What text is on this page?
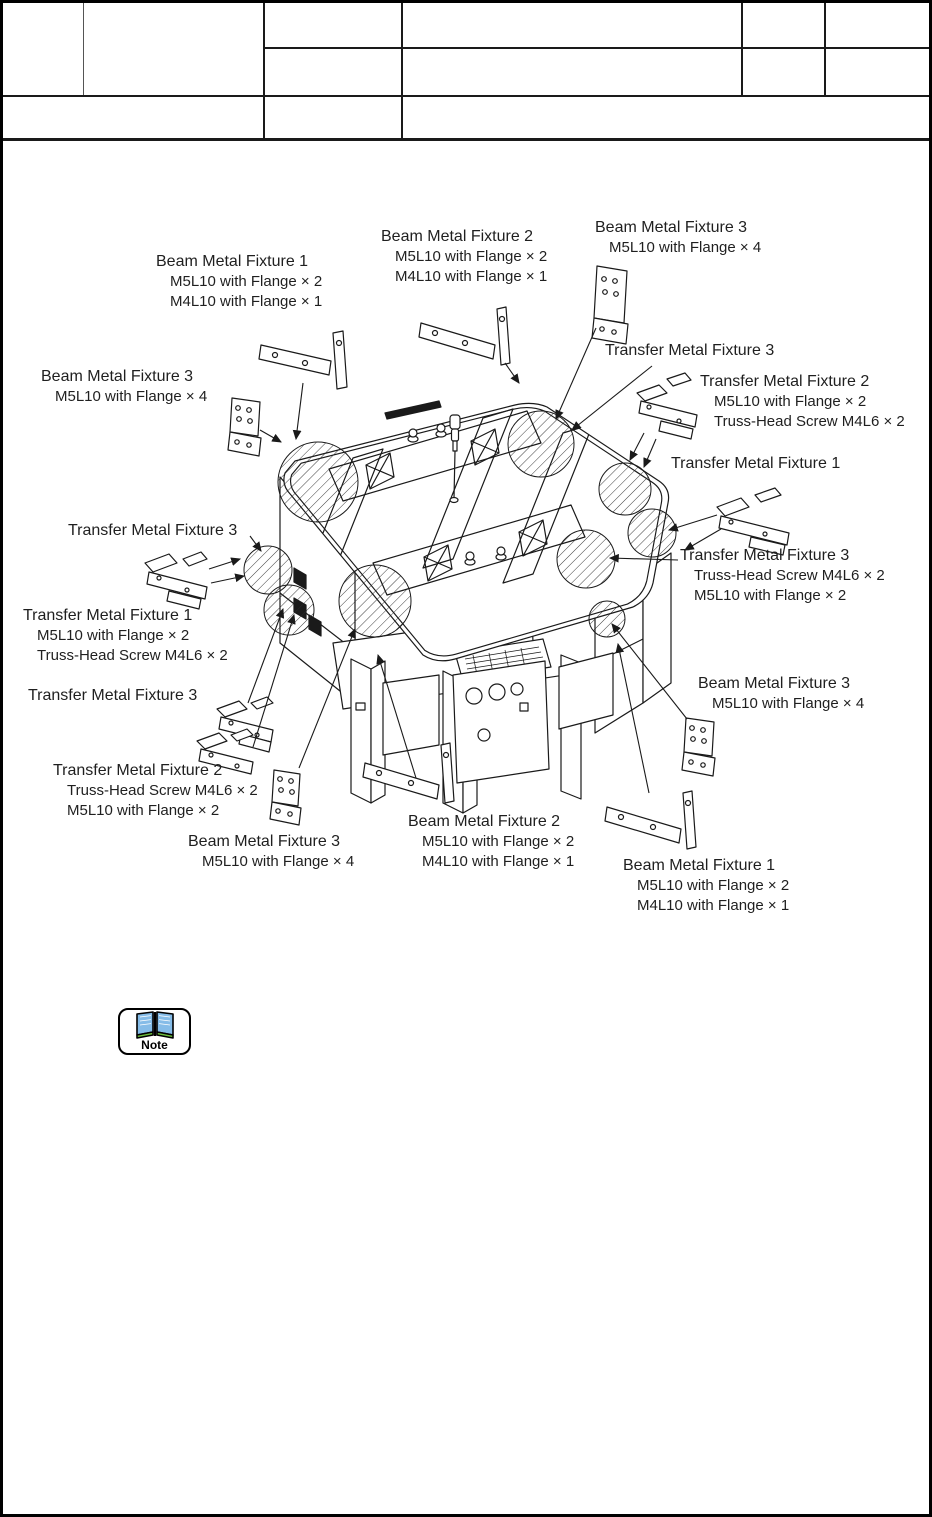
Beam Metal Fixture 1
M5L10 with Flange × 2
M4L10 with Flange × 1
Beam Metal Fixture 2
M5L10 with Flange × 2
M4L10 with Flange × 1
Beam Metal Fixture 3
M5L10 with Flange × 4
Transfer Metal Fixture 3
Transfer Metal Fixture 2
M5L10 with Flange × 2
Truss-Head Screw M4L6 × 2
Transfer Metal Fixture 1
Beam Metal Fixture 3
M5L10 with Flange × 4
Transfer Metal Fixture 3
Transfer Metal Fixture 3
Truss-Head Screw M4L6 × 2
M5L10 with Flange × 2
Transfer Metal Fixture 1
M5L10 with Flange × 2
Truss-Head Screw M4L6 × 2
Transfer Metal Fixture 3
Beam Metal Fixture 3
M5L10 with Flange × 4
Transfer Metal Fixture 2
Truss-Head Screw M4L6 × 2
M5L10 with Flange × 2
Beam Metal Fixture 3
M5L10 with Flange × 4
Beam Metal Fixture 2
M5L10 with Flange × 2
M4L10 with Flange × 1	Beam Metal Fixture 1
M5L10 with Flange × 2
M4L10 with Flange × 1
Note
